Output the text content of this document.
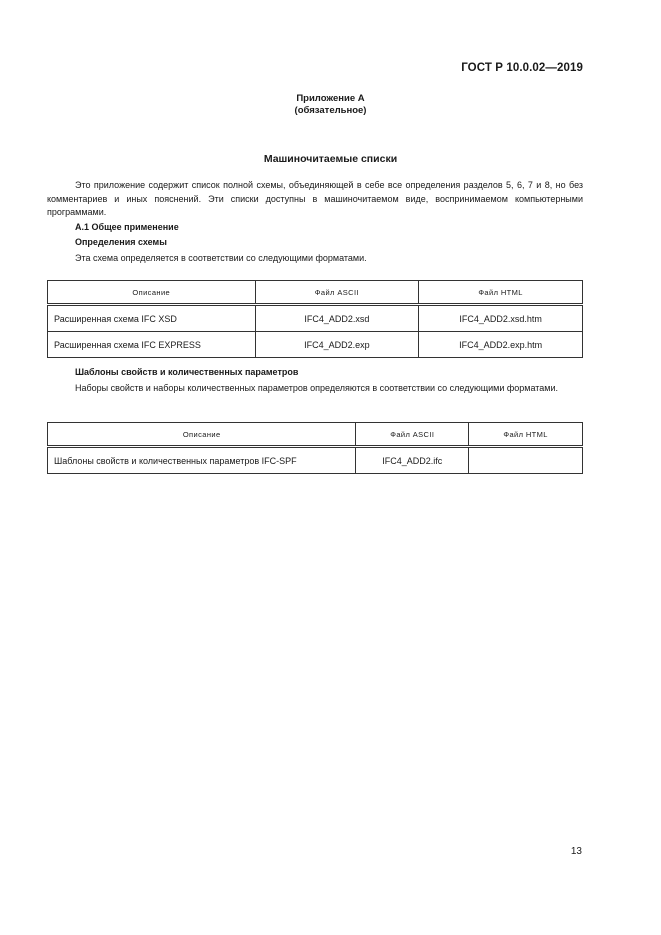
ГОСТ Р 10.0.02—2019
Приложение А
(обязательное)
Машиночитаемые списки
Это приложение содержит список полной схемы, объединяющей в себе все определения разделов 5, 6, 7 и 8, но без комментариев и иных пояснений. Эти списки доступны в машиночитаемом виде, воспринимаемом компьютерными программами.
А.1 Общее применение
Определения схемы
Эта схема определяется в соответствии со следующими форматами.
Описание	Файл ASCII	Файл HTML
Расширенная схема IFC XSD	IFC4_ADD2.xsd	IFC4_ADD2.xsd.htm
Расширенная схема IFC EXPRESS	IFC4_ADD2.exp	IFC4_ADD2.exp.htm
Шаблоны свойств и количественных параметров
Наборы свойств и наборы количественных параметров определяются в соответствии со следующими форматами.
Описание	Файл ASCII	Файл HTML
Шаблоны свойств и количественных параметров IFC-SPF	IFC4_ADD2.ifc	
13
